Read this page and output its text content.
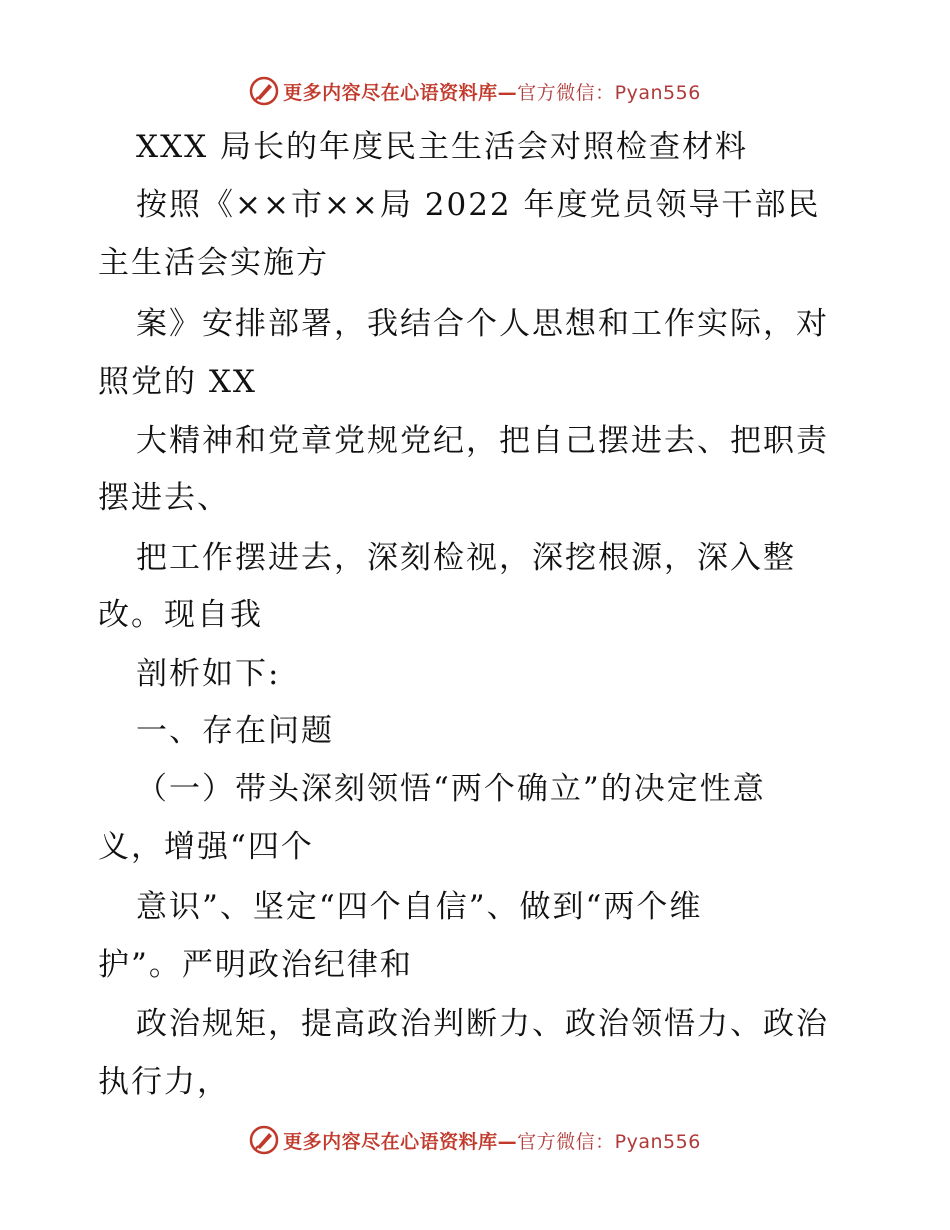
更多内容尽在心语资料库— 官方微信：Pyan556
XXX 局长的年度民主生活会对照检查材料
按照《××市××局 2022 年度党员领导干部民
主生活会实施方
案》安排部署，我结合个人思想和工作实际，对
照党的 XX
大精神和党章党规党纪，把自己摆进去、把职责
摆进去、
把工作摆进去，深刻检视，深挖根源，深入整
改。现自我
剖析如下:
一、存在问题
（一）带头深刻领悟“两个确立”的决定性意
义，增强“四个
意识”、坚定“四个自信”、做到“两个维
护”。严明政治纪律和
政治规矩，提高政治判断力、政治领悟力、政治
执行力，
更多内容尽在心语资料库— 官方微信：Pyan556
